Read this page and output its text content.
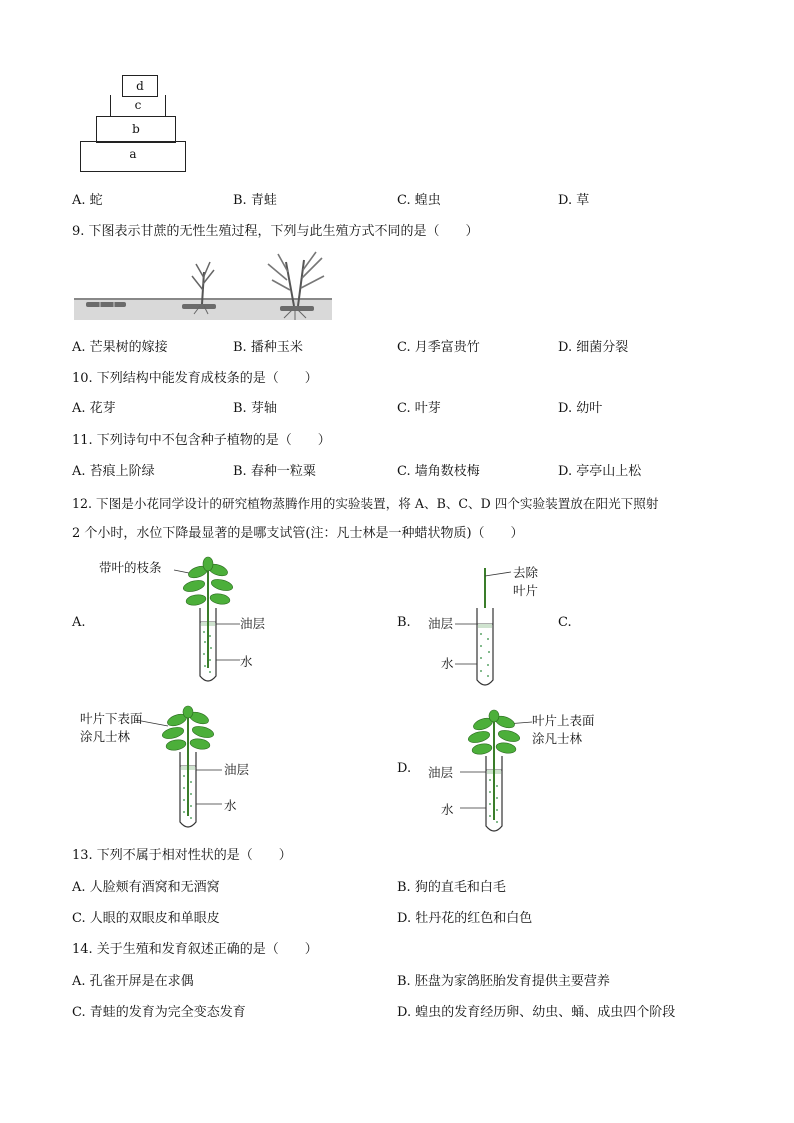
d
c
b
a
A. 蛇	B. 青蛙	C. 蝗虫	D. 草
9. 下图表示甘蔗的无性生殖过程，下列与此生殖方式不同的是（　　）
A. 芒果树的嫁接	B. 播种玉米	C. 月季富贵竹	D. 细菌分裂
10. 下列结构中能发育成枝条的是（　　）
A. 花芽	B. 芽轴	C. 叶芽	D. 幼叶
11. 下列诗句中不包含种子植物的是（　　）
A. 苔痕上阶绿	B. 春种一粒粟	C. 墙角数枝梅	D. 亭亭山上松
12. 下图是小花同学设计的研究植物蒸腾作用的实验装置，将 A、B、C、D 四个实验装置放在阳光下照射
2 个小时，水位下降最显著的是哪支试管(注：凡士林是一种蜡状物质)（　　）
A.
带叶的枝条
油层
水
B.
去除
叶片
油层
水
C.
叶片下表面
涂凡士林
油层
水
D.
叶片上表面
涂凡士林
油层
水
13. 下列不属于相对性状的是（　　）
A. 人脸颊有酒窝和无酒窝	B. 狗的直毛和白毛
C. 人眼的双眼皮和单眼皮	D. 牡丹花的红色和白色
14. 关于生殖和发育叙述正确的是（　　）
A. 孔雀开屏是在求偶	B. 胚盘为家鸽胚胎发育提供主要营养
C. 青蛙的发育为完全变态发育	D. 蝗虫的发育经历卵、幼虫、蛹、成虫四个阶段
